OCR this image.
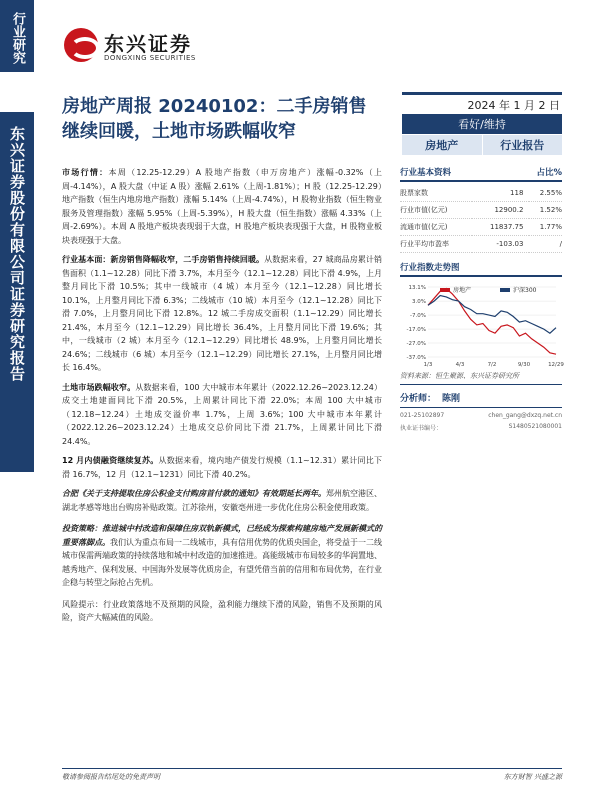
行业研究
东兴证券股份有限公司证券研究报告
东兴证券
DONGXING SECURITIES
房地产周报 20240102：二手房销售继续回暖，土地市场跌幅收窄
2024 年 1 月 2 日
看好/维持
房地产	行业报告

市场行情：本周（12.25-12.29）A 股地产指数（申万房地产）涨幅-0.32%（上周-4.14%），A 股大盘（中证 A 股）涨幅 2.61%（上周-1.81%）；H 股（12.25-12.29）地产指数（恒生内地房地产指数）涨幅 5.14%（上周-4.74%），H 股物业指数（恒生物业服务及管理指数）涨幅 5.95%（上周-5.39%），H 股大盘（恒生指数）涨幅 4.33%（上周-2.69%）。本周 A 股地产板块表现弱于大盘，H 股地产板块表现强于大盘，H 股物业板块表现强于大盘。

行业基本面：新房销售降幅收窄，二手房销售持续回暖。从数据来看，27 城商品房累计销售面积（1.1~12.28）同比下滑 3.7%，本月至今（12.1~12.28）同比下滑 4.9%，上月整月同比下滑 10.5%；其中一线城市（4 城）本月至今（12.1~12.28）同比增长 10.1%，上月整月同比下滑 6.3%；二线城市（10 城）本月至今（12.1~12.28）同比下滑 7.0%，上月整月同比下滑 12.8%。12 城二手房成交面积（1.1~12.29）同比增长 21.4%，本月至今（12.1~12.29）同比增长 36.4%，上月整月同比下滑 19.6%；其中，一线城市（2 城）本月至今（12.1~12.29）同比增长 48.9%，上月整月同比增长 24.6%；二线城市（6 城）本月至今（12.1~12.29）同比增长 27.1%，上月整月同比增长 16.4%。

土地市场跌幅收窄。从数据来看，100 大中城市本年累计（2022.12.26~2023.12.24）成交土地建面同比下滑 20.5%，上周累计同比下滑 22.0%；本周 100 大中城市（12.18~12.24）土地成交溢价率 1.7%，上周 3.6%；100 大中城市本年累计（2022.12.26~2023.12.24）土地成交总价同比下滑 21.7%，上周累计同比下滑 24.4%。

12 月内债融资继续复苏。从数据来看，境内地产债发行规模（1.1~12.31）累计同比下滑 16.7%，12 月（12.1~1231）同比下滑 40.2%。

合肥《关于支持提取住房公积金支付购房首付款的通知》有效期延长两年。郑州航空港区、湖北孝感等地出台购房补贴政策。江苏徐州，安徽亳州进一步优化住房公积金使用政策。

投资策略：推进城中村改造和保障住房双轨新模式，已经成为探索构建房地产发展新模式的重要落脚点。我们认为重点布局一二线城市，具有信用优势的优质央国企，将受益于一二线城市保需两端政策的持续落地和城中村改造的加速推进。高能级城市布局较多的华润置地、越秀地产、保利发展、中国海外发展等优质房企，有望凭借当前的信用和布局优势，在行业企稳与转型之际抢占先机。

风险提示：行业政策落地不及预期的风险，盈利能力继续下滑的风险，销售不及预期的风险，资产大幅减值的风险。

行业基本资料	占比%
股票家数	118	2.55%
行业市值(亿元)	12900.2	1.52%
流通市值(亿元)	11837.75	1.77%
行业平均市盈率	-103.03	/
行业指数走势图
13.1%
3.0%
-7.0%
-17.0%
-27.0%
-37.0%
1/3	4/3	7/2	9/30	12/29
房地产	沪深300
资料来源：恒生聚源、东兴证券研究所
分析师： 陈刚
021-25102897	chen_gang@dxzq.net.cn
执业证书编号：	S1480521080001
敬请参阅报告结尾处的免责声明	东方财智 兴盛之源
